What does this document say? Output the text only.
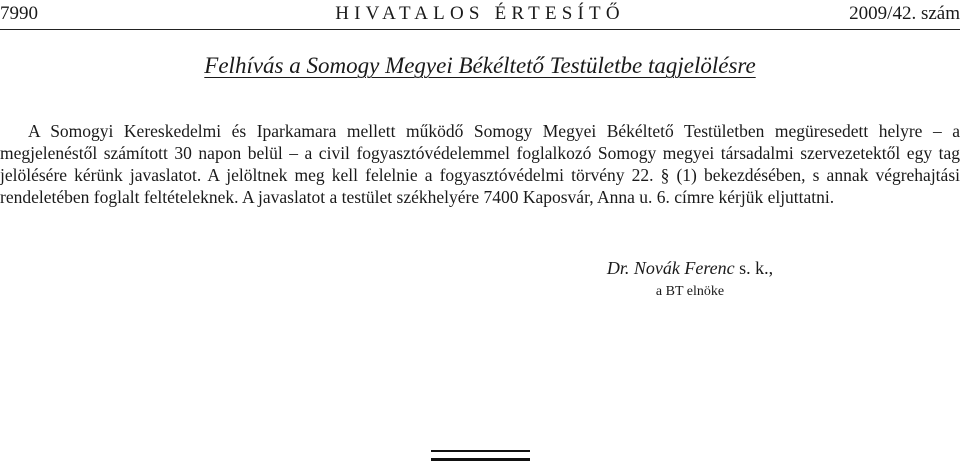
7990	HIVATALOS ÉRTESÍTŐ	2009/42. szám
Felhívás a Somogy Megyei Békéltető Testületbe tagjelölésre

A Somogyi Kereskedelmi és Iparkamara mellett működő Somogy Megyei Békéltető Testületben megüresedett helyre – a megjelenéstől számított 30 napon belül – a civil fogyasztóvédelemmel foglalkozó Somogy megyei társadalmi szervezetektől egy tag jelölésére kérünk javaslatot. A jelöltnek meg kell felelnie a fogyasztóvédelmi törvény 22. § (1) bekezdésében, s annak végrehajtási rendeletében foglalt feltételeknek. A javaslatot a testület székhelyére 7400 Kaposvár, Anna u. 6. címre kérjük eljuttatni.

Dr. Novák Ferenc s. k.,
a BT elnöke
